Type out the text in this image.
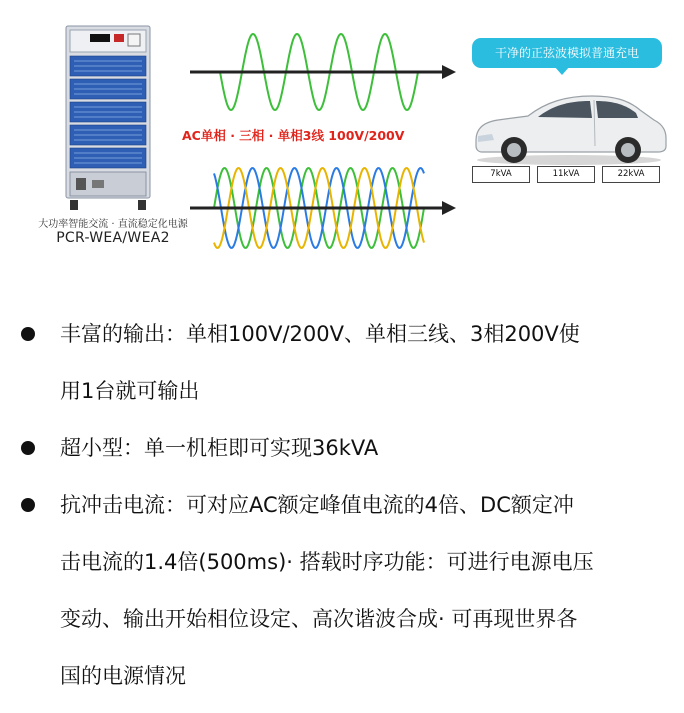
大功率智能交流 · 直流稳定化电源
PCR-WEA/WEA2
AC单相 · 三相 · 单相3线 100V/200V
干净的正弦波模拟普通充电
7kVA	11kVA	22kVA
丰富的输出：单相100V/200V、单相三线、3相200V使
用1台就可输出
超小型：单一机柜即可实现36kVA
抗冲击电流：可对应AC额定峰值电流的4倍、DC额定冲
击电流的1.4倍(500ms)· 搭载时序功能：可进行电源电压
变动、输出开始相位设定、高次谐波合成· 可再现世界各
国的电源情况
